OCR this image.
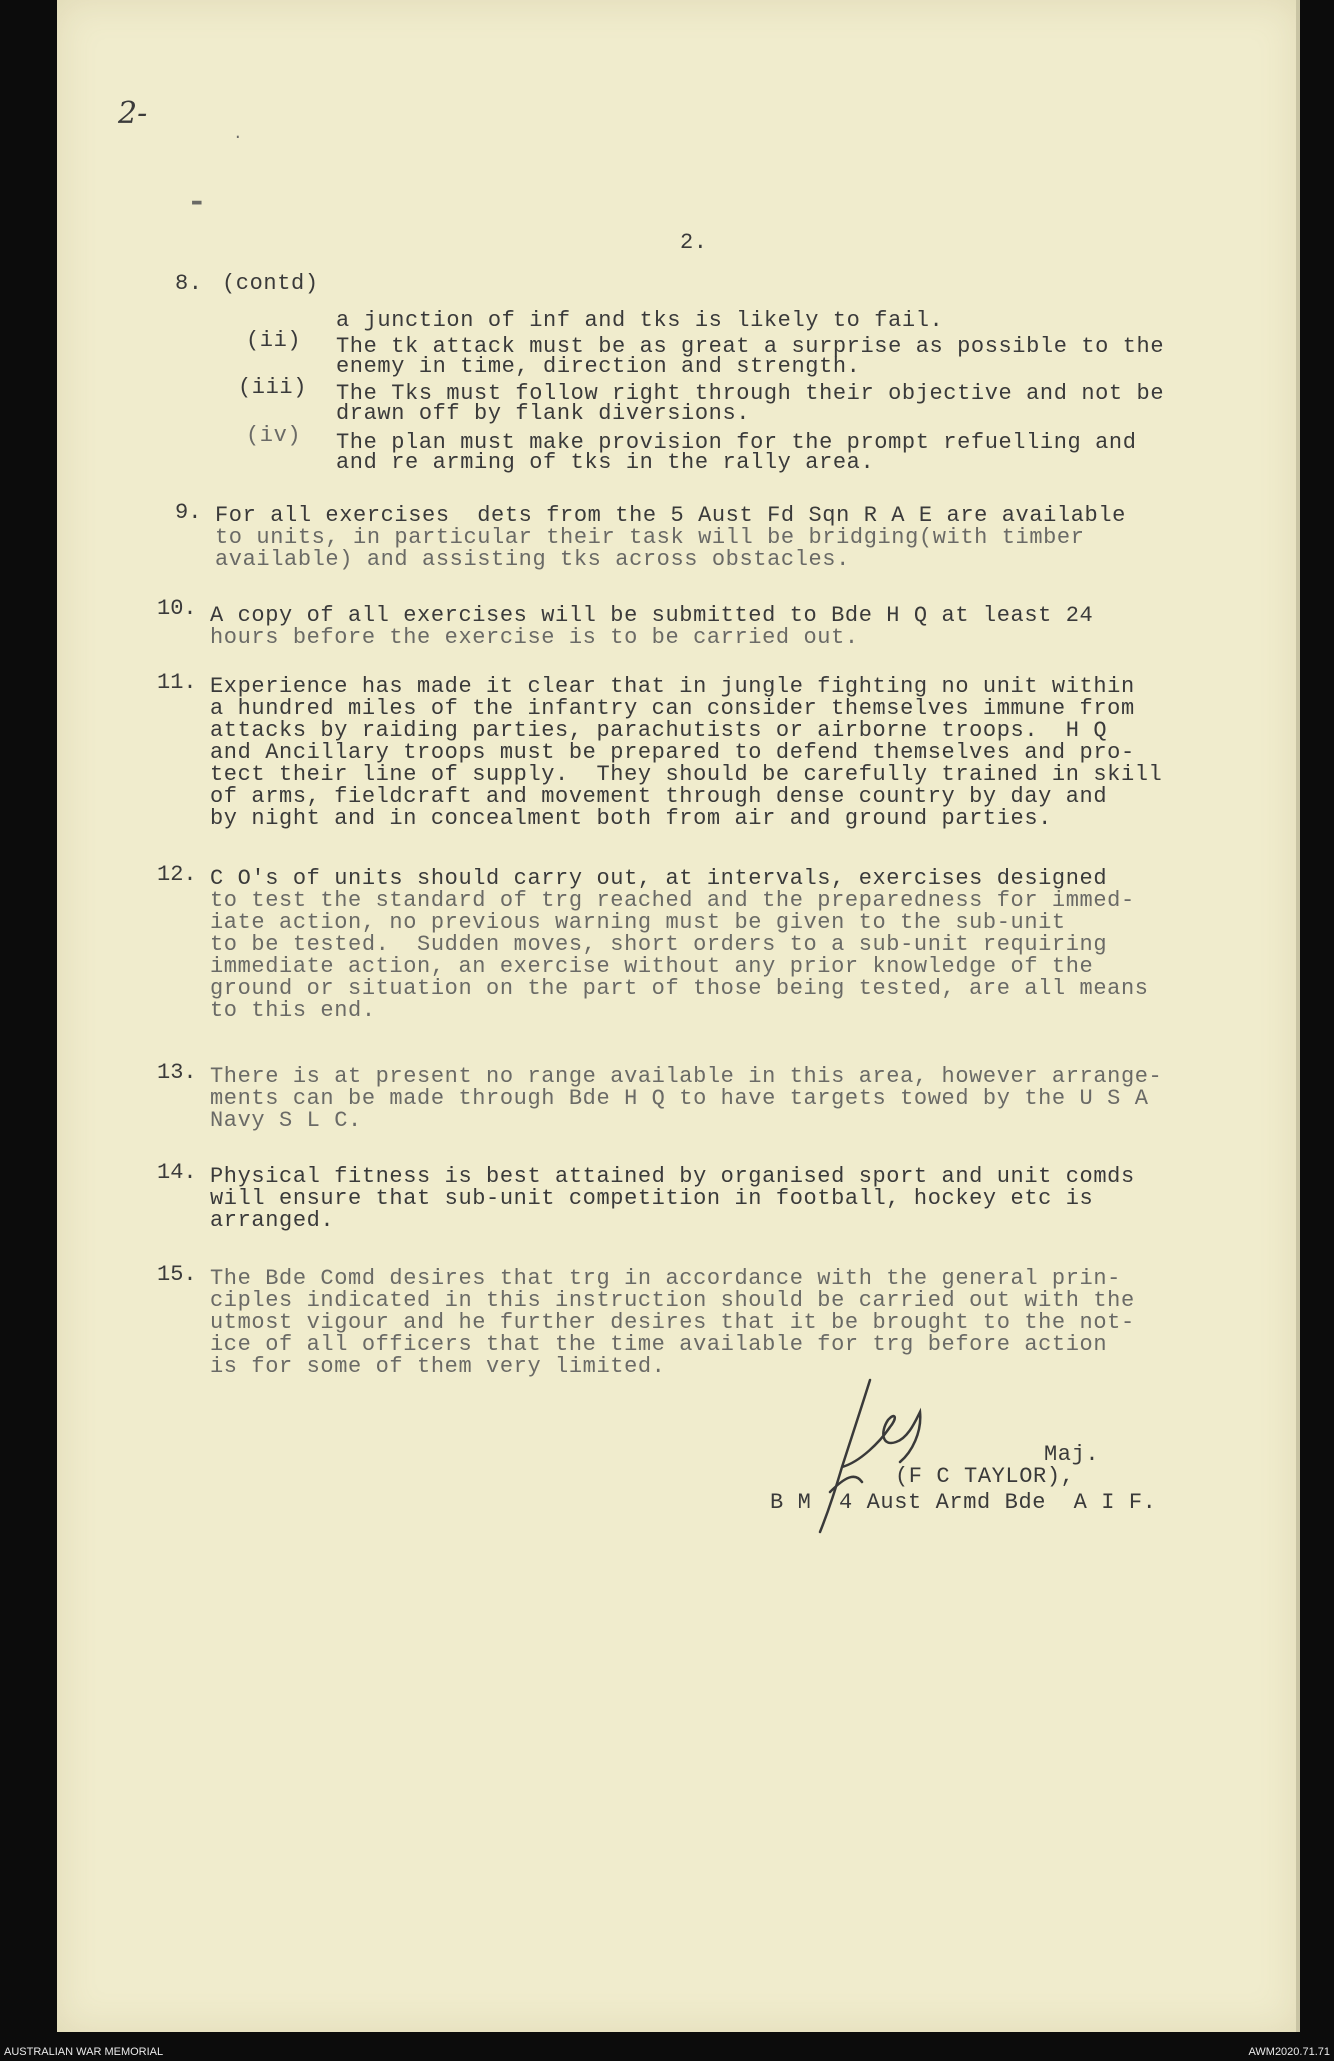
2-
▬
·
2.
8. (contd)
a junction of inf and tks is likely to fail.
(ii) The tk attack must be as great a surprise as possible to the
enemy in time, direction and strength.
(iii) The Tks must follow right through their objective and not be
drawn off by flank diversions.
(iv) The plan must make provision for the prompt refuelling and
and re arming of tks in the rally area.
9. For all exercises  dets from the 5 Aust Fd Sqn R A E are available
to units, in particular their task will be bridging(with timber
available) and assisting tks across obstacles.
10. A copy of all exercises will be submitted to Bde H Q at least 24
hours before the exercise is to be carried out.
11. Experience has made it clear that in jungle fighting no unit within
a hundred miles of the infantry can consider themselves immune from
attacks by raiding parties, parachutists or airborne troops.  H Q
and Ancillary troops must be prepared to defend themselves and pro-
tect their line of supply.  They should be carefully trained in skill
of arms, fieldcraft and movement through dense country by day and
by night and in concealment both from air and ground parties.
12. C O's of units should carry out, at intervals, exercises designed
to test the standard of trg reached and the preparedness for immed-
iate action, no previous warning must be given to the sub-unit
to be tested.  Sudden moves, short orders to a sub-unit requiring
immediate action, an exercise without any prior knowledge of the
ground or situation on the part of those being tested, are all means
to this end.
13. There is at present no range available in this area, however arrange-
ments can be made through Bde H Q to have targets towed by the U S A
Navy S L C.
14. Physical fitness is best attained by organised sport and unit comds
will ensure that sub-unit competition in football, hockey etc is
arranged.
15. The Bde Comd desires that trg in accordance with the general prin-
ciples indicated in this instruction should be carried out with the
utmost vigour and he further desires that it be brought to the not-
ice of all officers that the time available for trg before action
is for some of them very limited.
Maj.
(F C TAYLOR),
B M  4 Aust Armd Bde  A I F.
AUSTRALIAN WAR MEMORIAL	AWM2020.71.71
